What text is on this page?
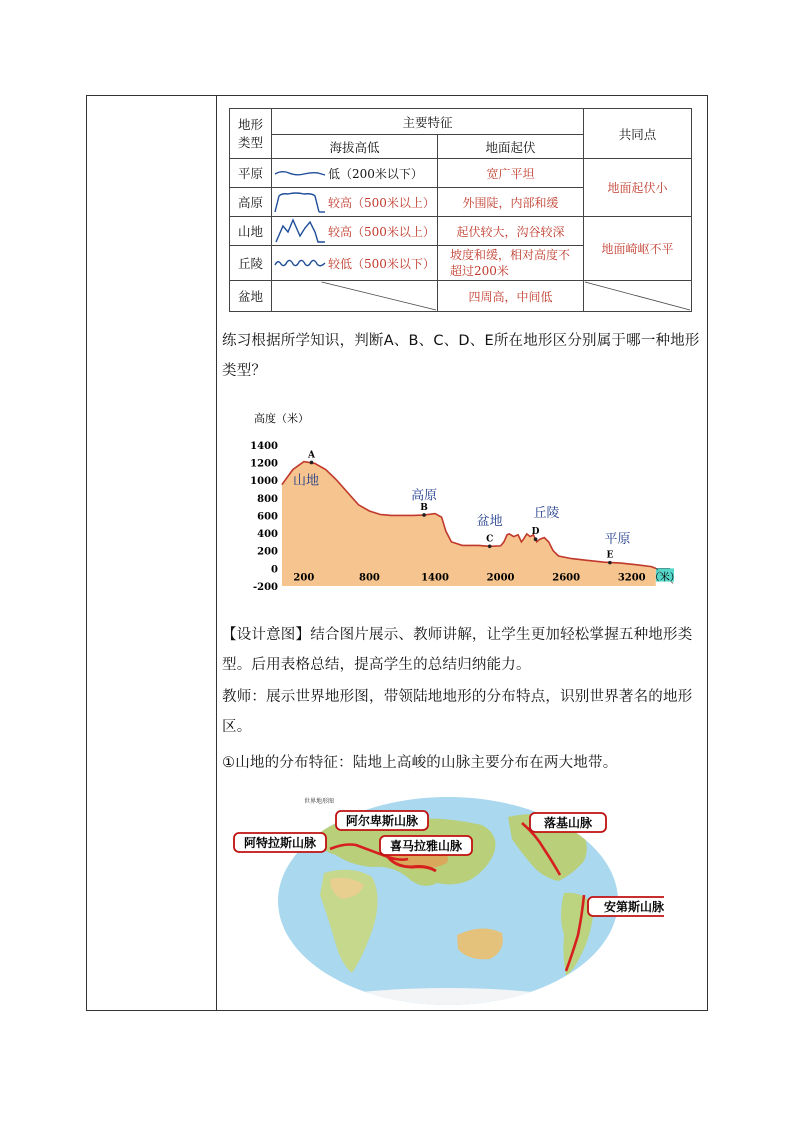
地形类型	主要特征		共同点
	海拔高低	地面起伏	
平原	低（200米以下）	宽广平坦	地面起伏小
高原	较高（500米以上）	外围陡，内部和缓	
山地	较高（500米以上）	起伏较大，沟谷较深	地面崎岖不平
丘陵	较低（500米以下）	坡度和缓，相对高度不超过200米	
盆地		四周高，中间低	
练习根据所学知识，判断A、B、C、D、E所在地形区分别属于哪一种地形类型？
高度（米）
1400
1200
1000
800
600
400
200
0
-200
200	800	1400	2000	2600	3200 （米）
A
B
C
D
E
山地
高原
盆地
丘陵
平原
【设计意图】结合图片展示、教师讲解，让学生更加轻松掌握五种地形类型。后用表格总结，提高学生的总结归纳能力。
教师：展示世界地形图，带领陆地地形的分布特点，识别世界著名的地形区。
①山地的分布特征：陆地上高峻的山脉主要分布在两大地带。
世界地形图
阿尔卑斯山脉
阿特拉斯山脉	喜马拉雅山脉
落基山脉
安第斯山脉
